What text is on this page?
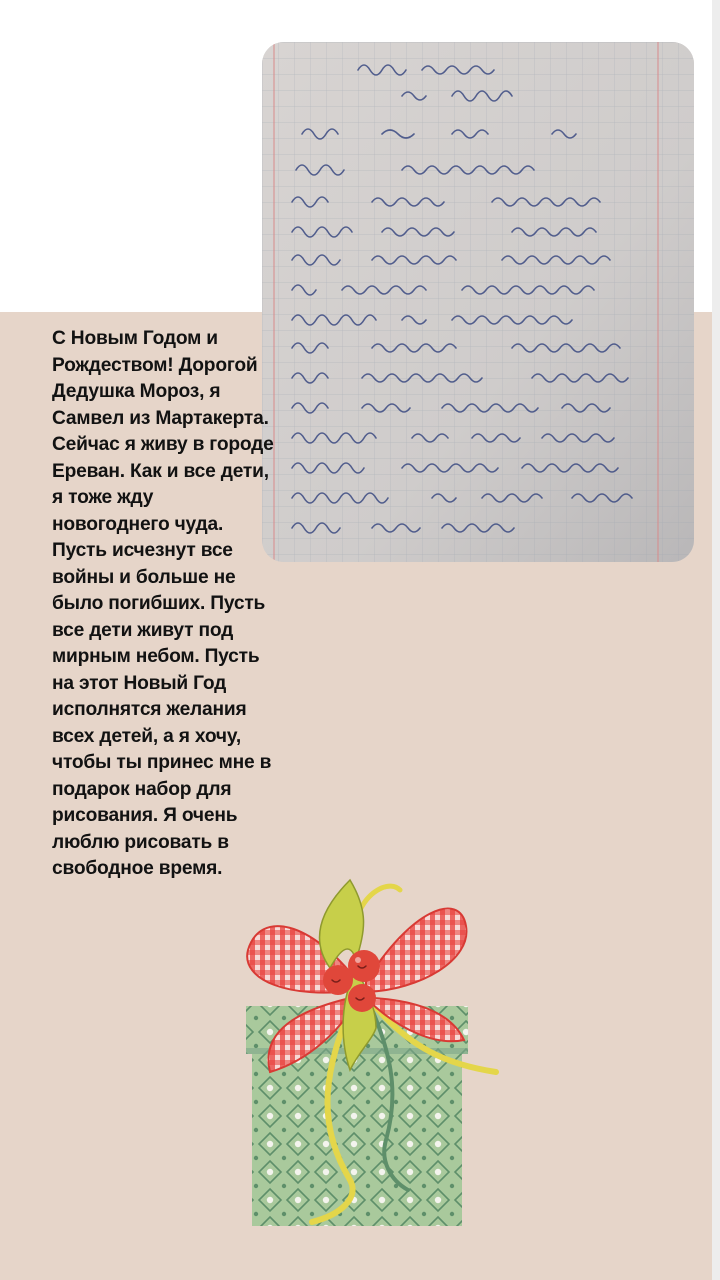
С Новым Годом и Рождеством! Дорогой Дедушка Мороз, я Самвел из Мартакерта. Сейчас я живу в городе Ереван. Как и все дети, я тоже жду новогоднего чуда. Пусть исчезнут все войны и больше не было погибших. Пусть все дети живут под мирным небом. Пусть на этот Новый Год исполнятся желания всех детей, а я хочу, чтобы ты принес мне в подарок набор для рисования. Я очень люблю рисовать в свободное время.
